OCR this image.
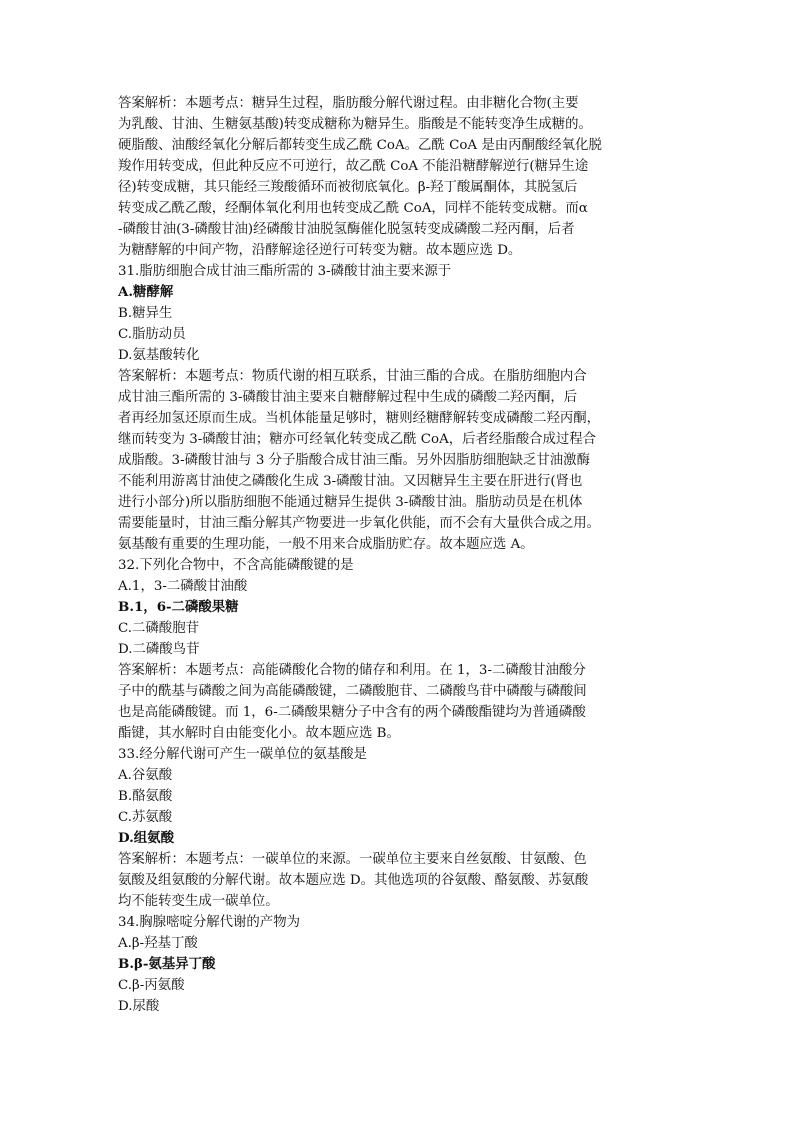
答案解析：本题考点：糖异生过程，脂肪酸分解代谢过程。由非糖化合物(主要
为乳酸、甘油、生糖氨基酸)转变成糖称为糖异生。脂酸是不能转变净生成糖的。
硬脂酸、油酸经氧化分解后都转变生成乙酰 CoA。乙酰 CoA 是由丙酮酸经氧化脱
羧作用转变成，但此种反应不可逆行，故乙酰 CoA 不能沿糖酵解逆行(糖异生途
径)转变成糖，其只能经三羧酸循环而被彻底氧化。β-羟丁酸属酮体，其脱氢后
转变成乙酰乙酸，经酮体氧化利用也转变成乙酰 CoA，同样不能转变成糖。而α
-磷酸甘油(3-磷酸甘油)经磷酸甘油脱氢酶催化脱氢转变成磷酸二羟丙酮，后者
为糖酵解的中间产物，沿酵解途径逆行可转变为糖。故本题应选 D。
31.脂肪细胞合成甘油三酯所需的 3-磷酸甘油主要来源于
A.糖酵解
B.糖异生
C.脂肪动员
D.氨基酸转化
答案解析：本题考点：物质代谢的相互联系，甘油三酯的合成。在脂肪细胞内合
成甘油三酯所需的 3-磷酸甘油主要来自糖酵解过程中生成的磷酸二羟丙酮，后
者再经加氢还原而生成。当机体能量足够时，糖则经糖酵解转变成磷酸二羟丙酮，
继而转变为 3-磷酸甘油；糖亦可经氧化转变成乙酰 CoA，后者经脂酸合成过程合
成脂酸。3-磷酸甘油与 3 分子脂酸合成甘油三酯。另外因脂肪细胞缺乏甘油激酶
不能利用游离甘油使之磷酸化生成 3-磷酸甘油。又因糖异生主要在肝进行(肾也
进行小部分)所以脂肪细胞不能通过糖异生提供 3-磷酸甘油。脂肪动员是在机体
需要能量时，甘油三酯分解其产物要进一步氧化供能，而不会有大量供合成之用。
氨基酸有重要的生理功能，一般不用来合成脂肪贮存。故本题应选 A。
32.下列化合物中，不含高能磷酸键的是
A.1，3-二磷酸甘油酸
B.1，6-二磷酸果糖
C.二磷酸胞苷
D.二磷酸鸟苷
答案解析：本题考点：高能磷酸化合物的储存和利用。在 1，3-二磷酸甘油酸分
子中的酰基与磷酸之间为高能磷酸键，二磷酸胞苷、二磷酸鸟苷中磷酸与磷酸间
也是高能磷酸键。而 1，6-二磷酸果糖分子中含有的两个磷酸酯键均为普通磷酸
酯键，其水解时自由能变化小。故本题应选 B。
33.经分解代谢可产生一碳单位的氨基酸是
A.谷氨酸
B.酪氨酸
C.苏氨酸
D.组氨酸
答案解析：本题考点：一碳单位的来源。一碳单位主要来自丝氨酸、甘氨酸、色
氨酸及组氨酸的分解代谢。故本题应选 D。其他选项的谷氨酸、酪氨酸、苏氨酸
均不能转变生成一碳单位。
34.胸腺嘧啶分解代谢的产物为
A.β-羟基丁酸
B.β-氨基异丁酸
C.β-丙氨酸
D.尿酸
